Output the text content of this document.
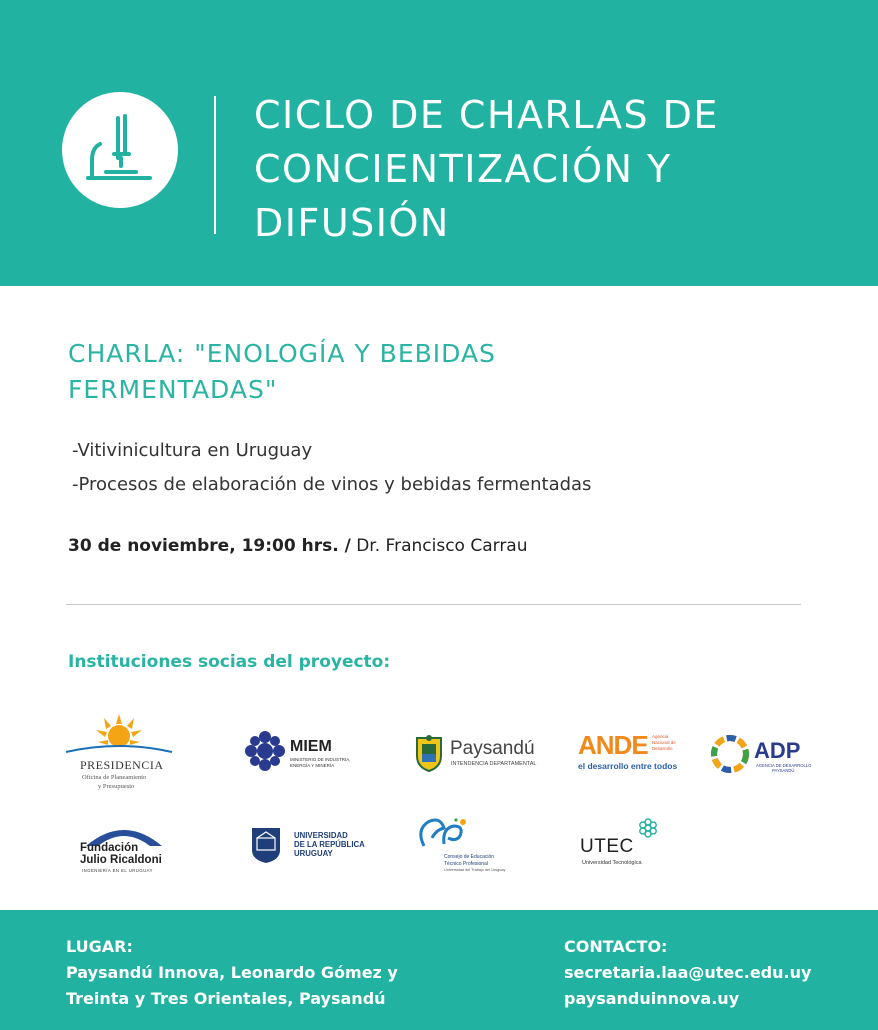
CICLO DE CHARLAS DE
CONCIENTIZACIÓN Y
DIFUSIÓN
CHARLA: "ENOLOGÍA Y BEBIDAS
FERMENTADAS"
-Vitivinicultura en Uruguay
-Procesos de elaboración de vinos y bebidas fermentadas
30 de noviembre, 19:00 hrs. / Dr. Francisco Carrau
Instituciones socias del proyecto:
PRESIDENCIA
Oficina de Planeamiento
y Presupuesto
MIEM
MINISTERIO DE INDUSTRIA,
ENERGÍA Y MINERÍA
Paysandú
INTENDENCIA DEPARTAMENTAL
ANDE Agencia
Nacional de
Desarrollo
el desarrollo entre todos
ADP
AGENCIA DE DESARROLLO
PAYSANDÚ
Fundación
Julio Ricaldoni
INGENIERÍA EN EL URUGUAY
UNIVERSIDAD
DE LA REPÚBLICA
URUGUAY	Consejo de Educación
Técnico Profesional
Universidad del Trabajo del Uruguay
UTEC
Universidad Tecnológica
LUGAR:
Paysandú Innova, Leonardo Gómez y
Treinta y Tres Orientales, Paysandú
CONTACTO:
secretaria.laa@utec.edu.uy
paysanduinnova.uy
